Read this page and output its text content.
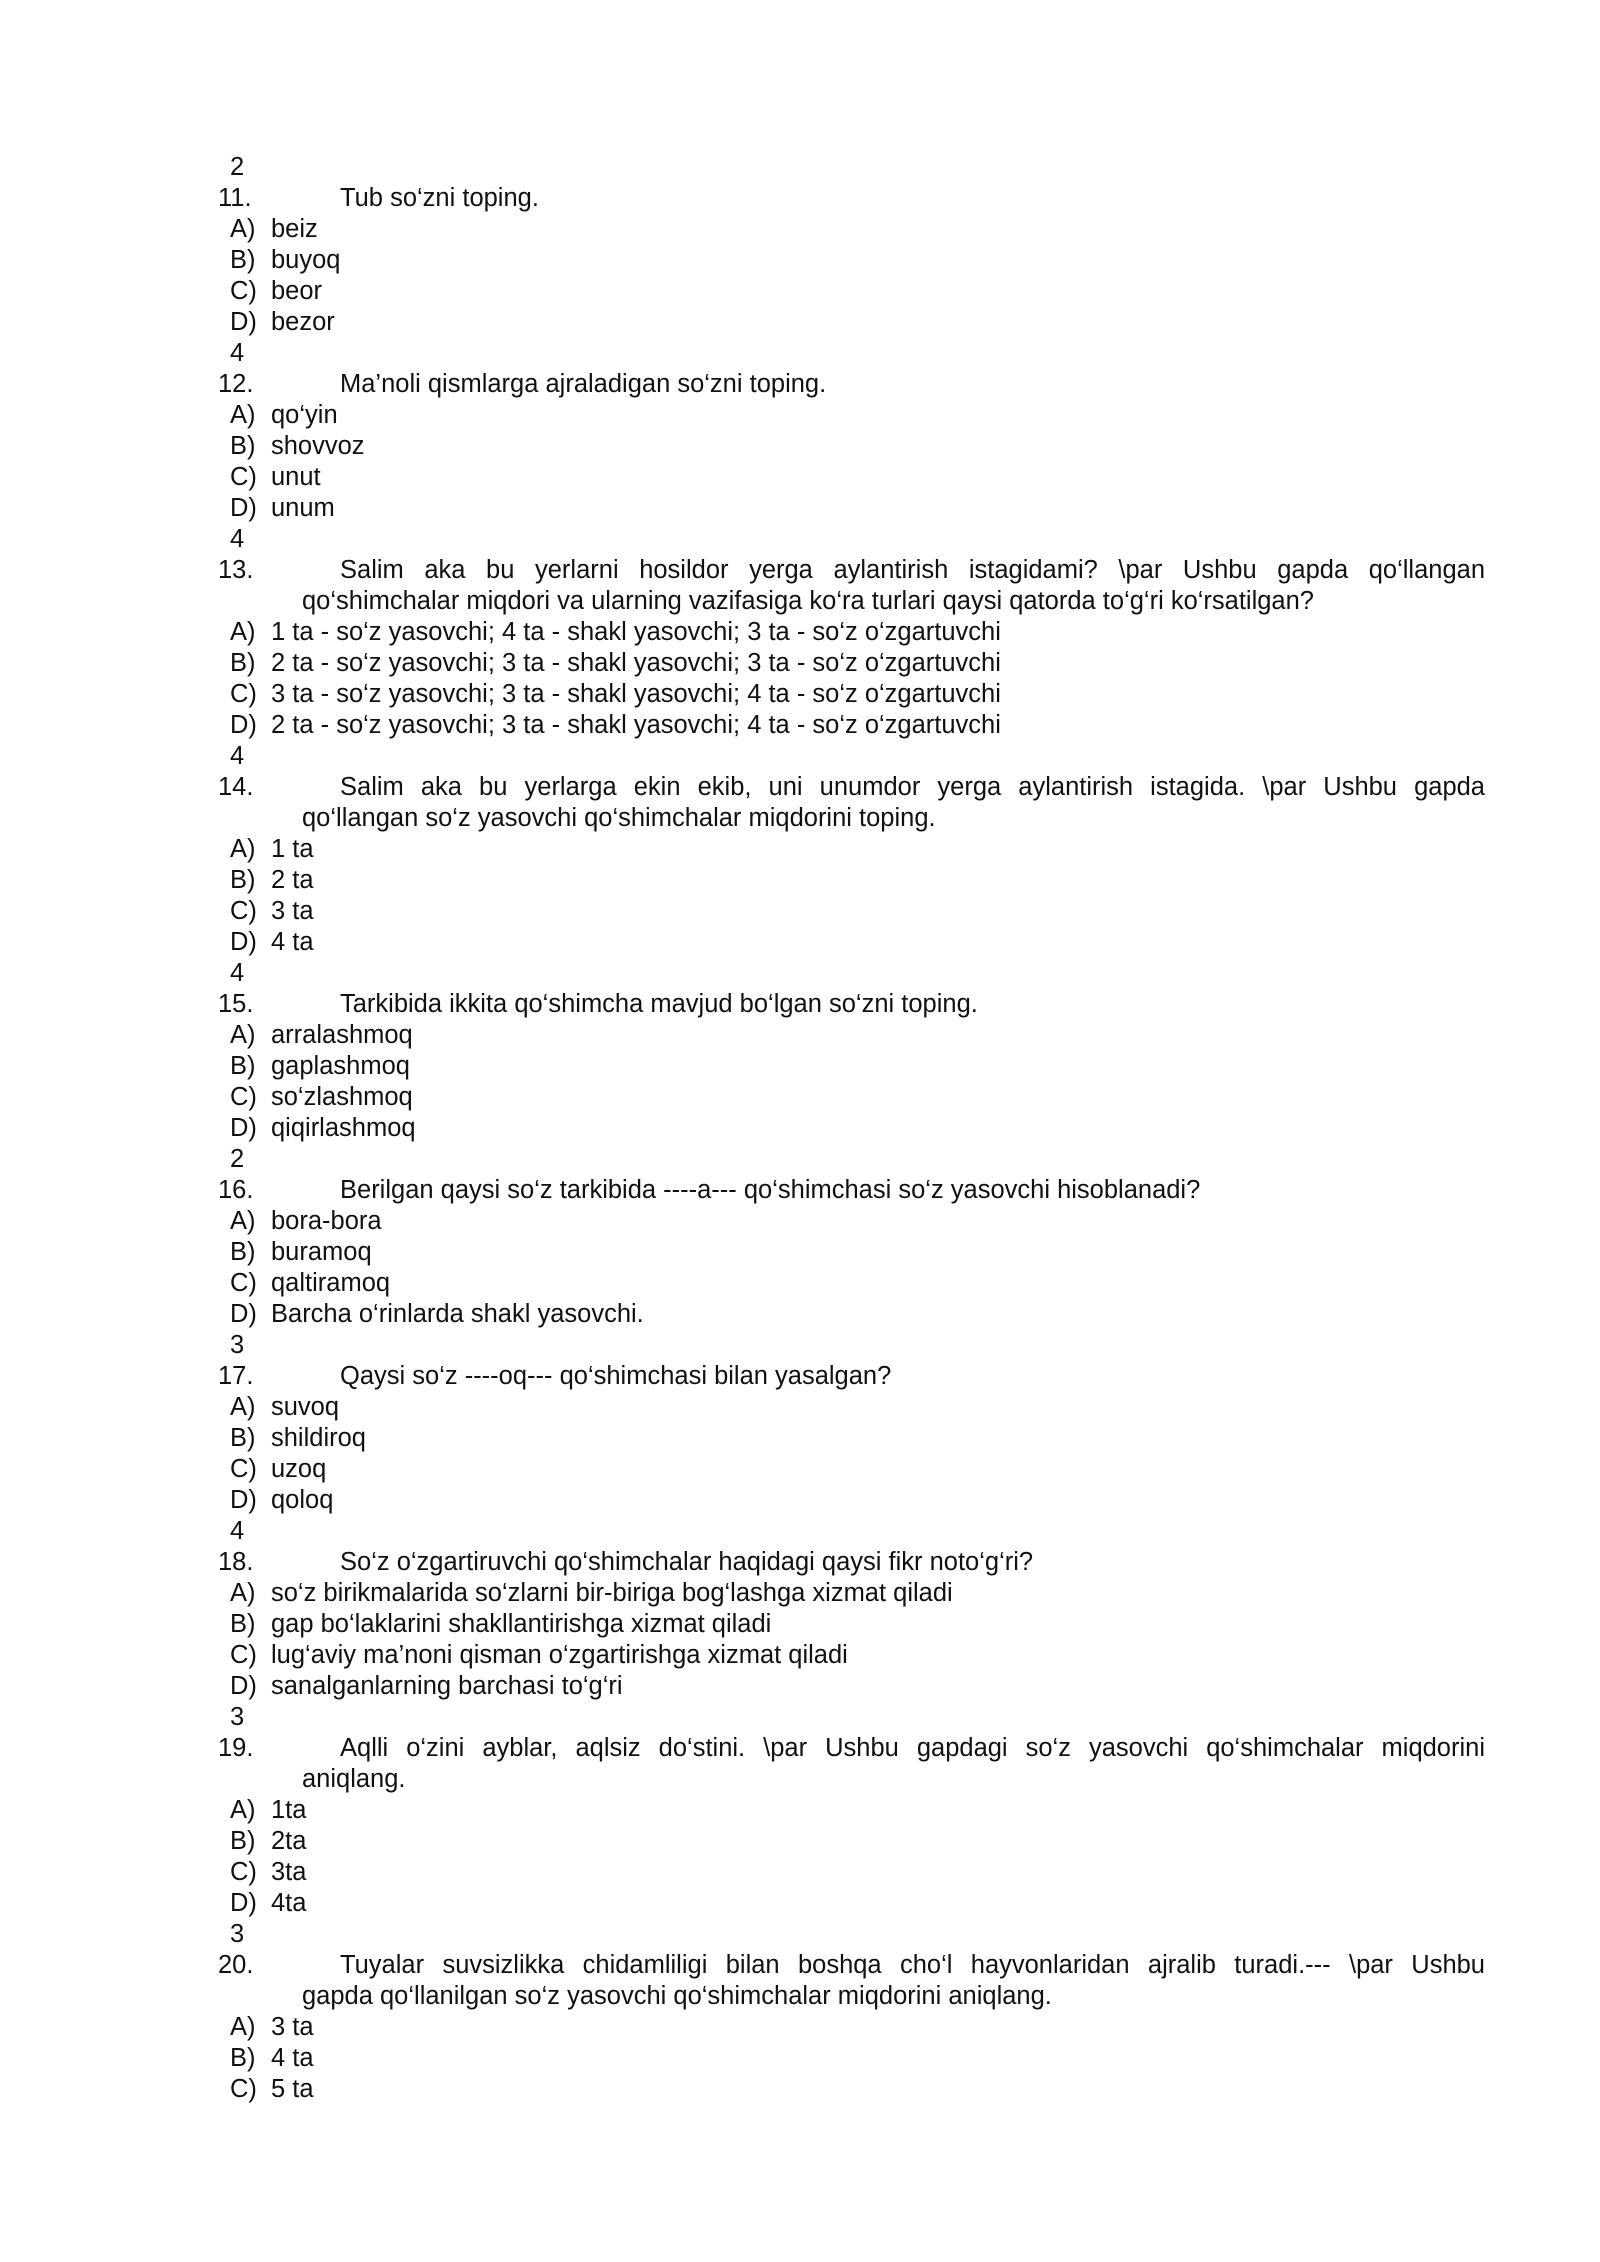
2
11.	Tub so‘zni toping.
A) beiz
B) buyoq
C) beor
D) bezor
4
12.	Ma’noli qismlarga ajraladigan so‘zni toping.
A) qo‘yin
B) shovvoz
C) unut
D) unum
4
13.	Salim aka bu yerlarni hosildor yerga aylantirish istagidami? \par Ushbu gapda qo‘llangan
qo‘shimchalar miqdori va ularning vazifasiga ko‘ra turlari qaysi qatorda to‘g‘ri ko‘rsatilgan?
A) 1 ta - so‘z yasovchi; 4 ta - shakl yasovchi; 3 ta - so‘z o‘zgartuvchi
B) 2 ta - so‘z yasovchi; 3 ta - shakl yasovchi; 3 ta - so‘z o‘zgartuvchi
C) 3 ta - so‘z yasovchi; 3 ta - shakl yasovchi; 4 ta - so‘z o‘zgartuvchi
D) 2 ta - so‘z yasovchi; 3 ta - shakl yasovchi; 4 ta - so‘z o‘zgartuvchi
4
14.	Salim aka bu yerlarga ekin ekib, uni unumdor yerga aylantirish istagida. \par Ushbu gapda
qo‘llangan so‘z yasovchi qo‘shimchalar miqdorini toping.
A) 1 ta
B) 2 ta
C) 3 ta
D) 4 ta
4
15.	Tarkibida ikkita qo‘shimcha mavjud bo‘lgan so‘zni toping.
A) arralashmoq
B) gaplashmoq
C) so‘zlashmoq
D) qiqirlashmoq
2
16.	Berilgan qaysi so‘z tarkibida ----a--- qo‘shimchasi so‘z yasovchi hisoblanadi?
A) bora-bora
B) buramoq
C) qaltiramoq
D) Barcha o‘rinlarda shakl yasovchi.
3
17.	Qaysi so‘z ----oq--- qo‘shimchasi bilan yasalgan?
A) suvoq
B) shildiroq
C) uzoq
D) qoloq
4
18.	So‘z o‘zgartiruvchi qo‘shimchalar haqidagi qaysi fikr noto‘g‘ri?
A) so‘z birikmalarida so‘zlarni bir-biriga bog‘lashga xizmat qiladi
B) gap bo‘laklarini shakllantirishga xizmat qiladi
C) lug‘aviy ma’noni qisman o‘zgartirishga xizmat qiladi
D) sanalganlarning barchasi to‘g‘ri
3
19.	Aqlli o‘zini ayblar, aqlsiz do‘stini. \par Ushbu gapdagi so‘z yasovchi qo‘shimchalar miqdorini
aniqlang.
A) 1ta
B) 2ta
C) 3ta
D) 4ta
3
20.	Tuyalar suvsizlikka chidamliligi bilan boshqa cho‘l hayvonlaridan ajralib turadi.--- \par Ushbu
gapda qo‘llanilgan so‘z yasovchi qo‘shimchalar miqdorini aniqlang.
A) 3 ta
B) 4 ta
C) 5 ta
